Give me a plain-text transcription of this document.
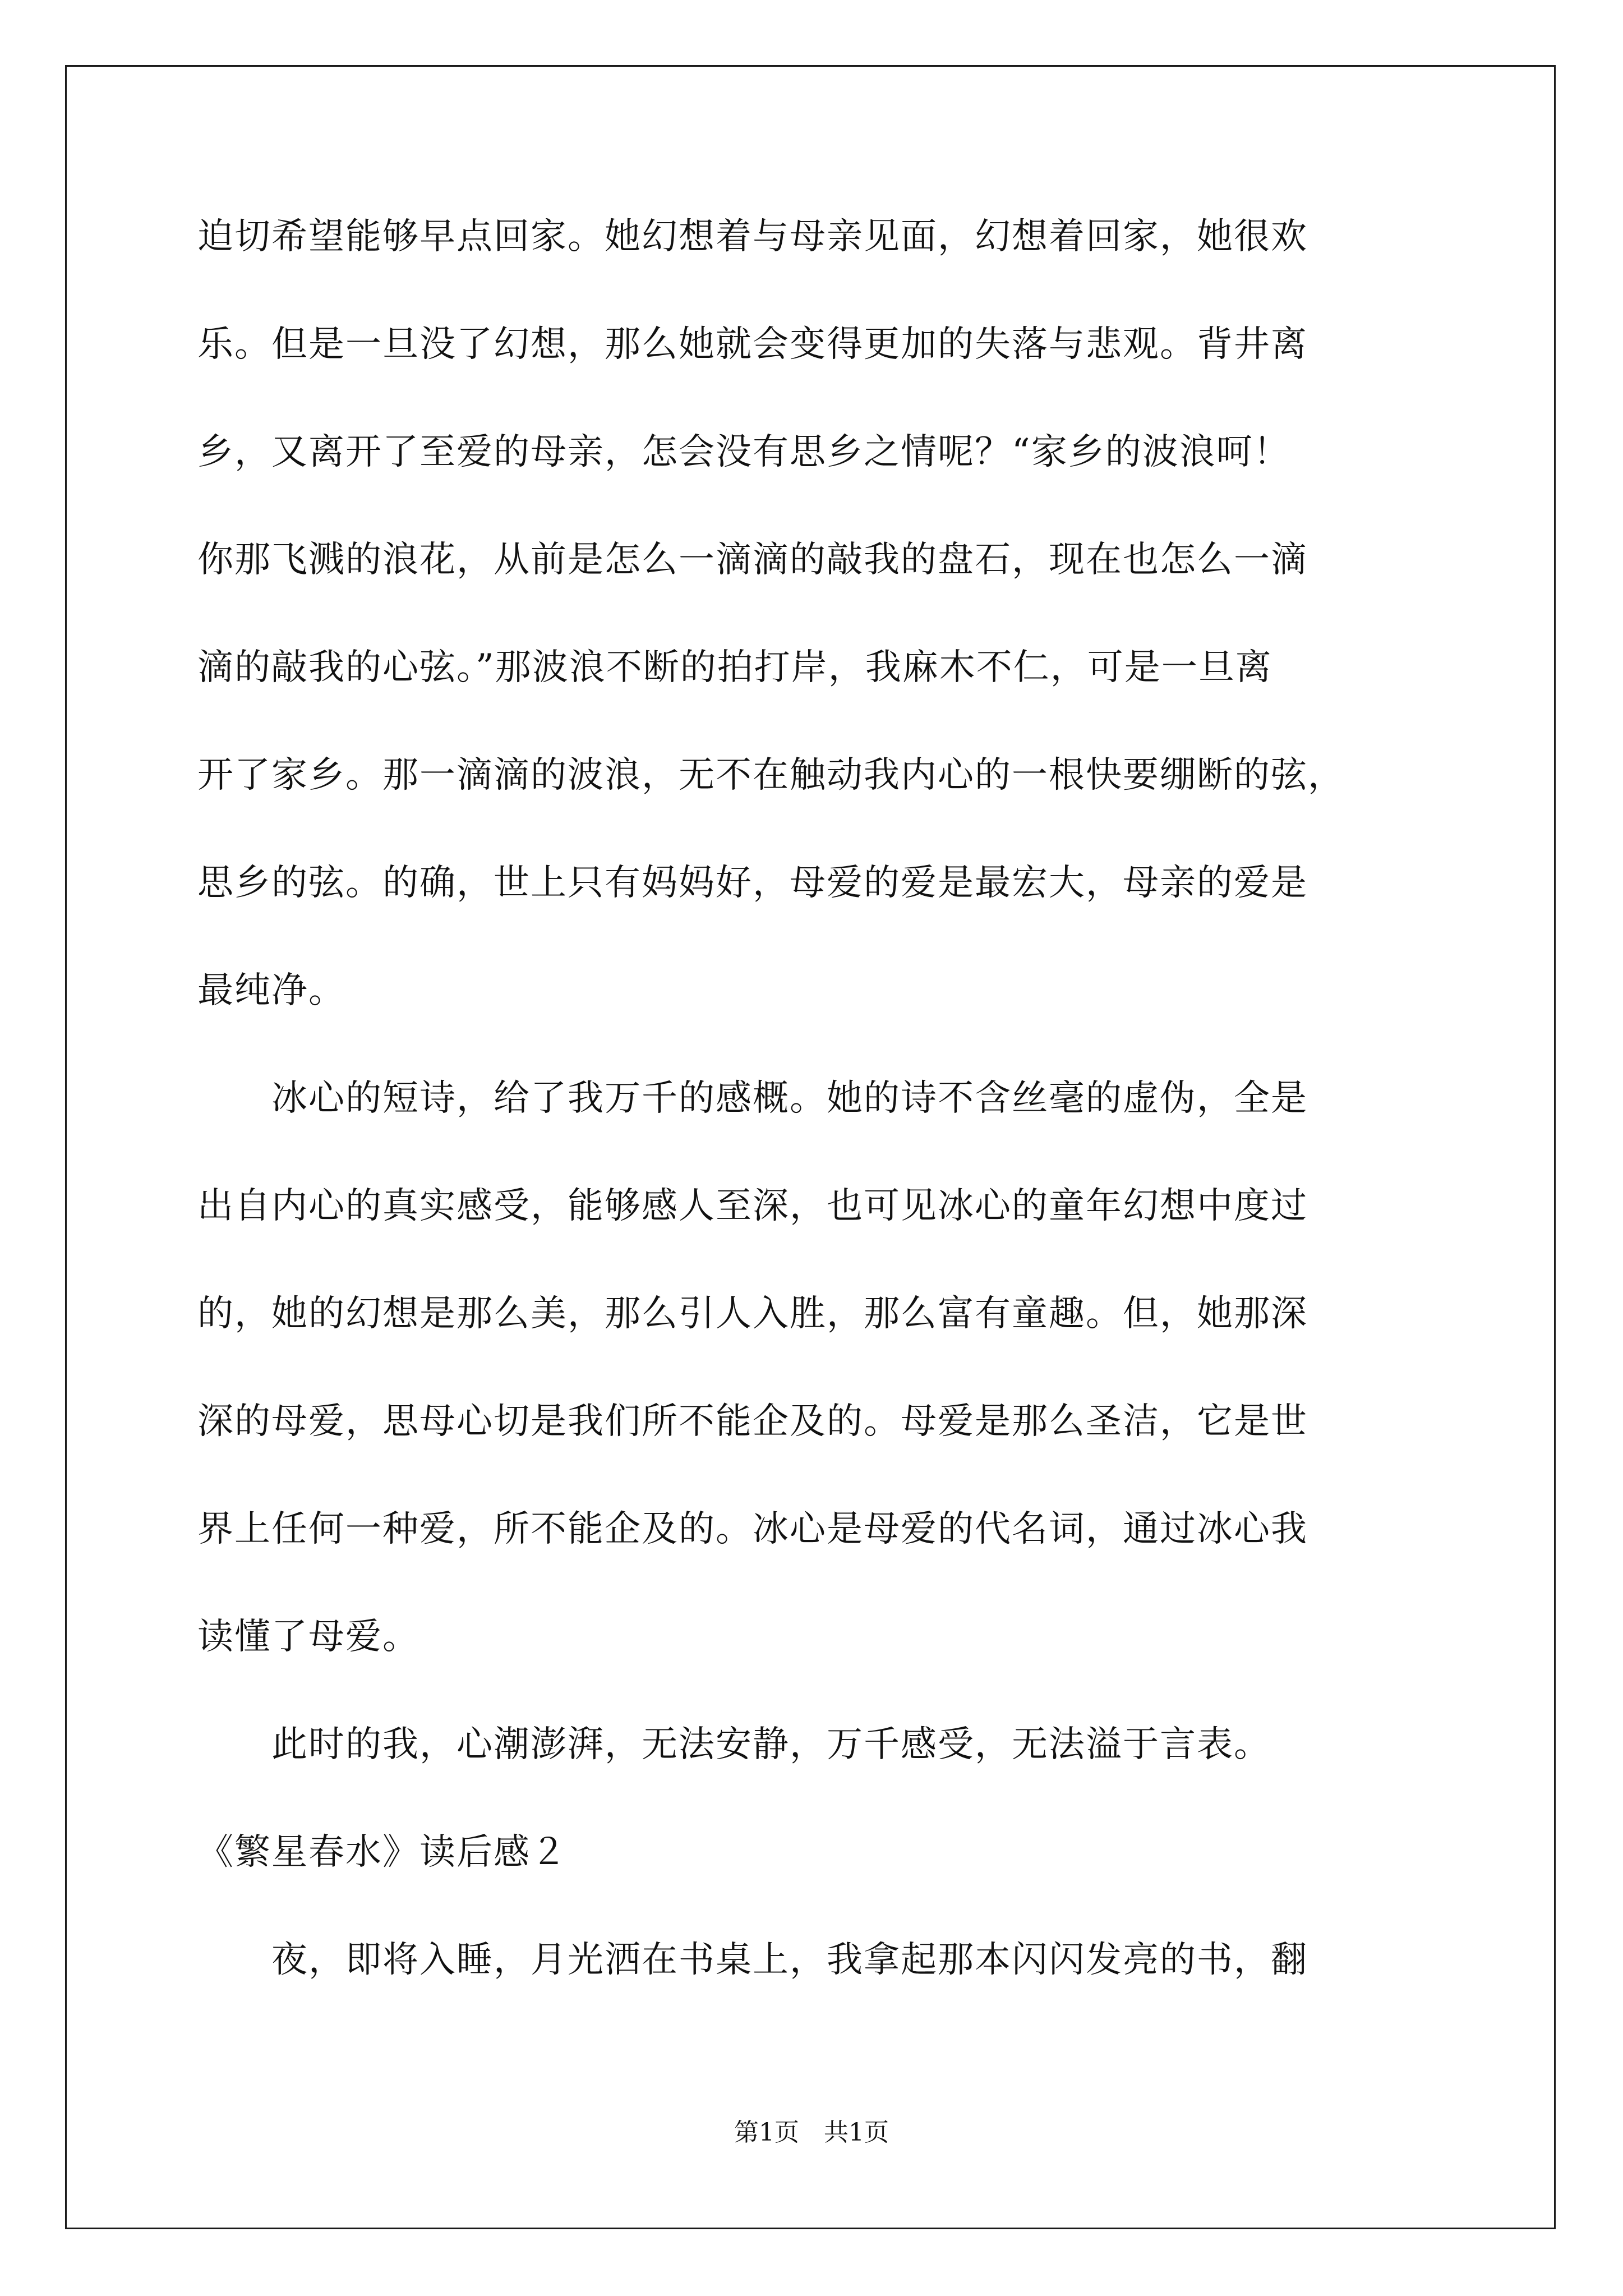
迫切希望能够早点回家。她幻想着与母亲见面，幻想着回家，她很欢
乐。但是一旦没了幻想，那么她就会变得更加的失落与悲观。背井离
乡，又离开了至爱的母亲，怎会没有思乡之情呢？“家乡的波浪呵！
你那飞溅的浪花，从前是怎么一滴滴的敲我的盘石，现在也怎么一滴
滴的敲我的心弦。”那波浪不断的拍打岸，我麻木不仁，可是一旦离
开了家乡。那一滴滴的波浪，无不在触动我内心的一根快要绷断的弦，
思乡的弦。的确，世上只有妈妈好，母爱的爱是最宏大，母亲的爱是
最纯净。
　　冰心的短诗，给了我万千的感概。她的诗不含丝毫的虚伪，全是
出自内心的真实感受，能够感人至深，也可见冰心的童年幻想中度过
的，她的幻想是那么美，那么引人入胜，那么富有童趣。但，她那深
深的母爱，思母心切是我们所不能企及的。母爱是那么圣洁，它是世
界上任何一种爱，所不能企及的。冰心是母爱的代名词，通过冰心我
读懂了母爱。
　　此时的我，心潮澎湃，无法安静，万千感受，无法溢于言表。
《繁星春水》读后感２
　　夜，即将入睡，月光洒在书桌上，我拿起那本闪闪发亮的书，翻
第1页 共1页
